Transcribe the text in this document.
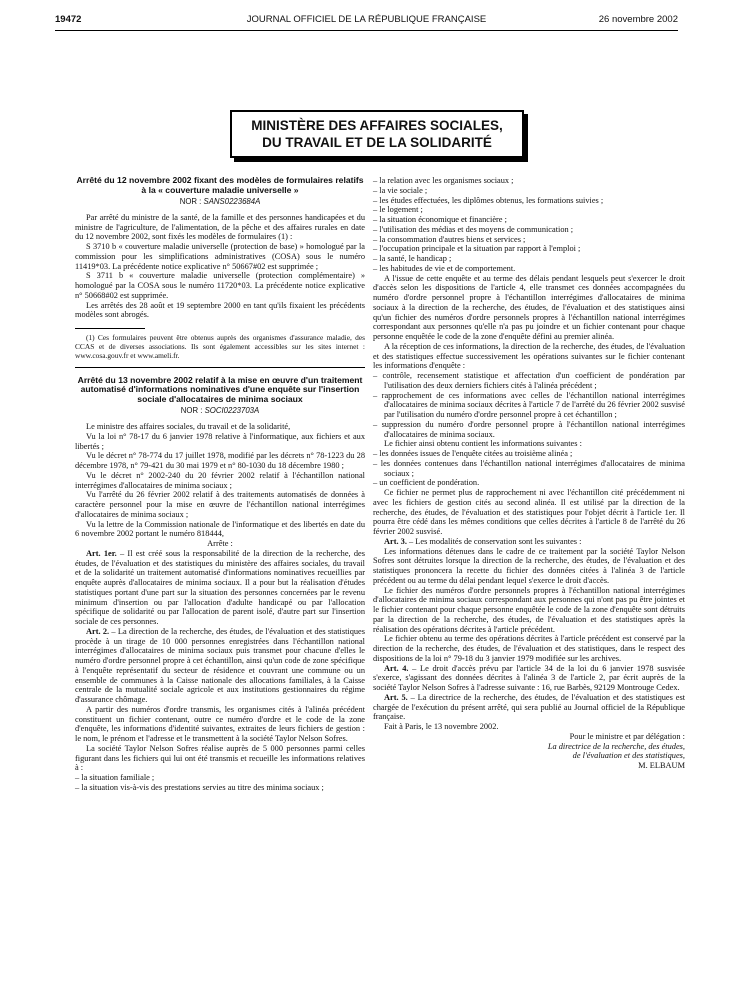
19472	JOURNAL OFFICIEL DE LA RÉPUBLIQUE FRANÇAISE	26 novembre 2002
MINISTÈRE DES AFFAIRES SOCIALES,
DU TRAVAIL ET DE LA SOLIDARITÉ
Arrêté du 12 novembre 2002 fixant des modèles de formulaires relatifs à la « couverture maladie universelle »
NOR : SANS0223684A

Par arrêté du ministre de la santé, de la famille et des personnes handicapées et du ministre de l'agriculture, de l'alimentation, de la pêche et des affaires rurales en date du 12 novembre 2002, sont fixés les modèles de formulaires (1) :

S 3710 b « couverture maladie universelle (protection de base) » homologué par la commission pour les simplifications administratives (COSA) sous le numéro 11419*03. La précédente notice explicative n° 50667#02 est supprimée ;

S 3711 b « couverture maladie universelle (protection complémentaire) » homologué par la COSA sous le numéro 11720*03. La précédente notice explicative n° 50668#02 est supprimée.

Les arrêtés des 28 août et 19 septembre 2000 en tant qu'ils fixaient les précédents modèles sont abrogés.

(1) Ces formulaires peuvent être obtenus auprès des organismes d'assurance maladie, des CCAS et de diverses associations. Ils sont également accessibles sur les sites internet : www.cosa.gouv.fr et www.ameli.fr.

Arrêté du 13 novembre 2002 relatif à la mise en œuvre d'un traitement automatisé d'informations nominatives d'une enquête sur l'insertion sociale d'allocataires de minima sociaux
NOR : SOCI0223703A

Le ministre des affaires sociales, du travail et de la solidarité,

Vu la loi n° 78-17 du 6 janvier 1978 relative à l'informatique, aux fichiers et aux libertés ;

Vu le décret n° 78-774 du 17 juillet 1978, modifié par les décrets n° 78-1223 du 28 décembre 1978, n° 79-421 du 30 mai 1979 et n° 80-1030 du 18 décembre 1980 ;

Vu le décret n° 2002-240 du 20 février 2002 relatif à l'échantillon national interrégimes d'allocataires de minima sociaux ;

Vu l'arrêté du 26 février 2002 relatif à des traitements automatisés de données à caractère personnel pour la mise en œuvre de l'échantillon national interrégimes d'allocataires de minima sociaux ;

Vu la lettre de la Commission nationale de l'informatique et des libertés en date du 6 novembre 2002 portant le numéro 818444,

Arrête :

Art. 1er. – Il est créé sous la responsabilité de la direction de la recherche, des études, de l'évaluation et des statistiques du ministère des affaires sociales, du travail et de la solidarité un traitement automatisé d'informations nominatives recueillies par enquête auprès d'allocataires de minima sociaux. Il a pour but la réalisation d'études statistiques portant d'une part sur la situation des personnes concernées par le revenu minimum d'insertion ou par l'allocation d'adulte handicapé ou par l'allocation spécifique de solidarité ou par l'allocation de parent isolé, d'autre part sur l'insertion sociale de ces personnes.

Art. 2. – La direction de la recherche, des études, de l'évaluation et des statistiques procède à un tirage de 10 000 personnes enregistrées dans l'échantillon national interrégimes d'allocataires de minima sociaux puis transmet pour chacune d'elles le numéro d'ordre personnel propre à cet échantillon, ainsi qu'un code de zone spécifique à l'enquête représentatif du secteur de résidence et couvrant une commune ou un ensemble de communes à la Caisse nationale des allocations familiales, à la Caisse centrale de la mutualité sociale agricole et aux institutions gestionnaires du régime d'assurance chômage.

A partir des numéros d'ordre transmis, les organismes cités à l'alinéa précédent constituent un fichier contenant, outre ce numéro d'ordre et le code de la zone d'enquête, les informations d'identité suivantes, extraites de leurs fichiers de gestion : le nom, le prénom et l'adresse et le transmettent à la société Taylor Nelson Sofres.

La société Taylor Nelson Sofres réalise auprès de 5 000 personnes parmi celles figurant dans les fichiers qui lui ont été transmis et recueille les informations relatives à :

– la situation familiale ;

– la situation vis-à-vis des prestations servies au titre des minima sociaux ;

– la relation avec les organismes sociaux ;

– la vie sociale ;

– les études effectuées, les diplômes obtenus, les formations suivies ;

– le logement ;

– la situation économique et financière ;

– l'utilisation des médias et des moyens de communication ;

– la consommation d'autres biens et services ;

– l'occupation principale et la situation par rapport à l'emploi ;

– la santé, le handicap ;

– les habitudes de vie et de comportement.

A l'issue de cette enquête et au terme des délais pendant lesquels peut s'exercer le droit d'accès selon les dispositions de l'article 4, elle transmet ces données accompagnées du numéro d'ordre personnel propre à l'échantillon interrégimes d'allocataires de minima sociaux à la direction de la recherche, des études, de l'évaluation et des statistiques ainsi qu'un fichier des numéros d'ordre personnels propres à l'échantillon national interrégimes correspondant aux personnes qu'elle n'a pas pu joindre et un fichier contenant pour chaque personne enquêtée le code de la zone d'enquête défini au premier alinéa.

A la réception de ces informations, la direction de la recherche, des études, de l'évaluation et des statistiques effectue successivement les opérations suivantes sur le fichier contenant les informations d'enquête :

– contrôle, recensement statistique et affectation d'un coefficient de pondération par l'utilisation des deux derniers fichiers cités à l'alinéa précédent ;

– rapprochement de ces informations avec celles de l'échantillon national interrégimes d'allocataires de minima sociaux décrites à l'article 7 de l'arrêté du 26 février 2002 susvisé par l'utilisation du numéro d'ordre personnel propre à cet échantillon ;

– suppression du numéro d'ordre personnel propre à l'échantillon national interrégimes d'allocataires de minima sociaux.

Le fichier ainsi obtenu contient les informations suivantes :

– les données issues de l'enquête citées au troisième alinéa ;

– les données contenues dans l'échantillon national interrégimes d'allocataires de minima sociaux ;

– un coefficient de pondération.

Ce fichier ne permet plus de rapprochement ni avec l'échantillon cité précédemment ni avec les fichiers de gestion cités au second alinéa. Il est utilisé par la direction de la recherche, des études, de l'évaluation et des statistiques pour l'objet décrit à l'article 1er. Il pourra être cédé dans les mêmes conditions que celles décrites à l'article 8 de l'arrêté du 26 février 2002 susvisé.

Art. 3. – Les modalités de conservation sont les suivantes :

Les informations détenues dans le cadre de ce traitement par la société Taylor Nelson Sofres sont détruites lorsque la direction de la recherche, des études, de l'évaluation et des statistiques prononcera la recette du fichier des données citées à l'alinéa 3 de l'article précédent ou au terme du délai pendant lequel s'exerce le droit d'accès.

Le fichier des numéros d'ordre personnels propres à l'échantillon national interrégimes d'allocataires de minima sociaux correspondant aux personnes qui n'ont pas pu être jointes et le fichier contenant pour chaque personne enquêtée le code de la zone d'enquête sont détruits par la direction de la recherche, des études, de l'évaluation et des statistiques après la réalisation des opérations décrites à l'article précédent.

Le fichier obtenu au terme des opérations décrites à l'article précédent est conservé par la direction de la recherche, des études, de l'évaluation et des statistiques, dans le respect des dispositions de la loi n° 79-18 du 3 janvier 1979 modifiée sur les archives.

Art. 4. – Le droit d'accès prévu par l'article 34 de la loi du 6 janvier 1978 susvisée s'exerce, s'agissant des données décrites à l'alinéa 3 de l'article 2, par écrit auprès de la société Taylor Nelson Sofres à l'adresse suivante : 16, rue Barbès, 92129 Montrouge Cedex.

Art. 5. – La directrice de la recherche, des études, de l'évaluation et des statistiques est chargée de l'exécution du présent arrêté, qui sera publié au Journal officiel de la République française.

Fait à Paris, le 13 novembre 2002.

Pour le ministre et par délégation :

La directrice de la recherche, des études,

de l'évaluation et des statistiques,

M. ELBAUM
